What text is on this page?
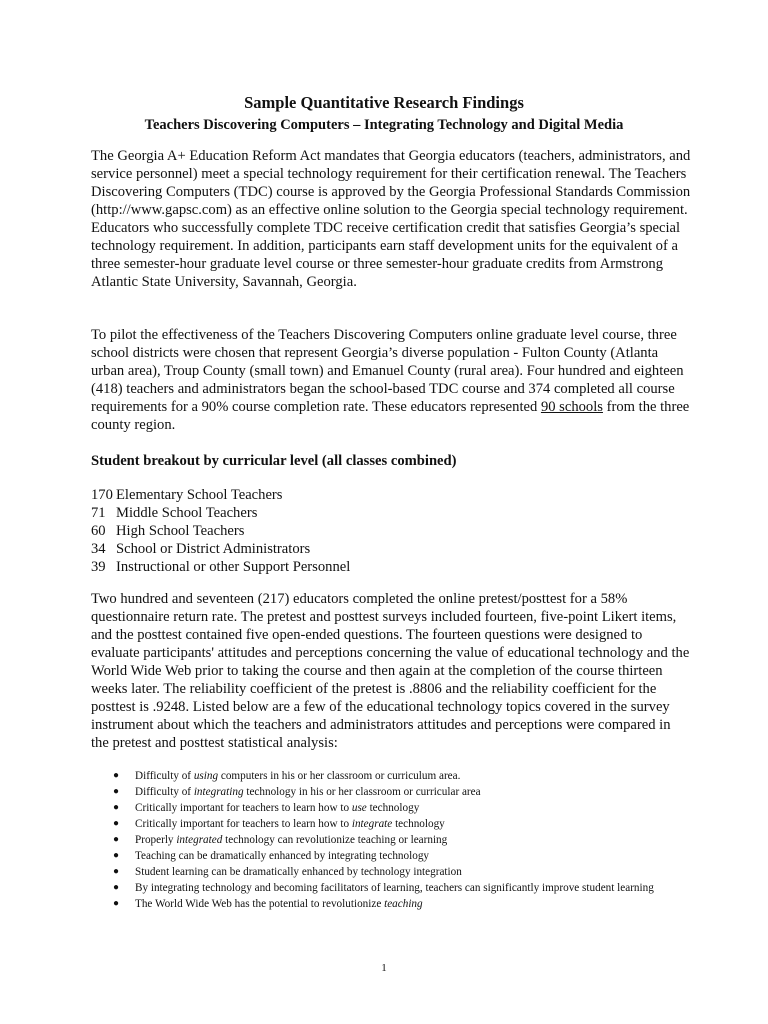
Sample Quantitative Research Findings
Teachers Discovering Computers – Integrating Technology and Digital Media

The Georgia A+ Education Reform Act mandates that Georgia educators (teachers, administrators, and service personnel) meet a special technology requirement for their certification renewal. The Teachers Discovering Computers (TDC) course is approved by the Georgia Professional Standards Commission (http://www.gapsc.com) as an effective online solution to the Georgia special technology requirement. Educators who successfully complete TDC receive certification credit that satisfies Georgia’s special technology requirement. In addition, participants earn staff development units for the equivalent of a three semester-hour graduate level course or three semester-hour graduate credits from Armstrong Atlantic State University, Savannah, Georgia.

To pilot the effectiveness of the Teachers Discovering Computers online graduate level course, three school districts were chosen that represent Georgia’s diverse population - Fulton County (Atlanta urban area), Troup County (small town) and Emanuel County (rural area). Four hundred and eighteen (418) teachers and administrators began the school-based TDC course and 374 completed all course requirements for a 90% course completion rate. These educators represented 90 schools from the three county region.

Student breakout by curricular level (all classes combined)

170 Elementary School Teachers
71 Middle School Teachers
60 High School Teachers
34 School or District Administrators
39 Instructional or other Support Personnel

Two hundred and seventeen (217) educators completed the online pretest/posttest for a 58% questionnaire return rate. The pretest and posttest surveys included fourteen, five-point Likert items, and the posttest contained five open-ended questions. The fourteen questions were designed to evaluate participants' attitudes and perceptions concerning the value of educational technology and the World Wide Web prior to taking the course and then again at the completion of the course thirteen weeks later. The reliability coefficient of the pretest is .8806 and the reliability coefficient for the posttest is .9248. Listed below are a few of the educational technology topics covered in the survey instrument about which the teachers and administrators attitudes and perceptions were compared in the pretest and posttest statistical analysis:

●	Difficulty of using computers in his or her classroom or curriculum area.
●	Difficulty of integrating technology in his or her classroom or curricular area
●	Critically important for teachers to learn how to use technology
●	Critically important for teachers to learn how to integrate technology
●	Properly integrated technology can revolutionize teaching or learning
●	Teaching can be dramatically enhanced by integrating technology
●	Student learning can be dramatically enhanced by technology integration
●	By integrating technology and becoming facilitators of learning, teachers can significantly improve student learning
●	The World Wide Web has the potential to revolutionize teaching

1
